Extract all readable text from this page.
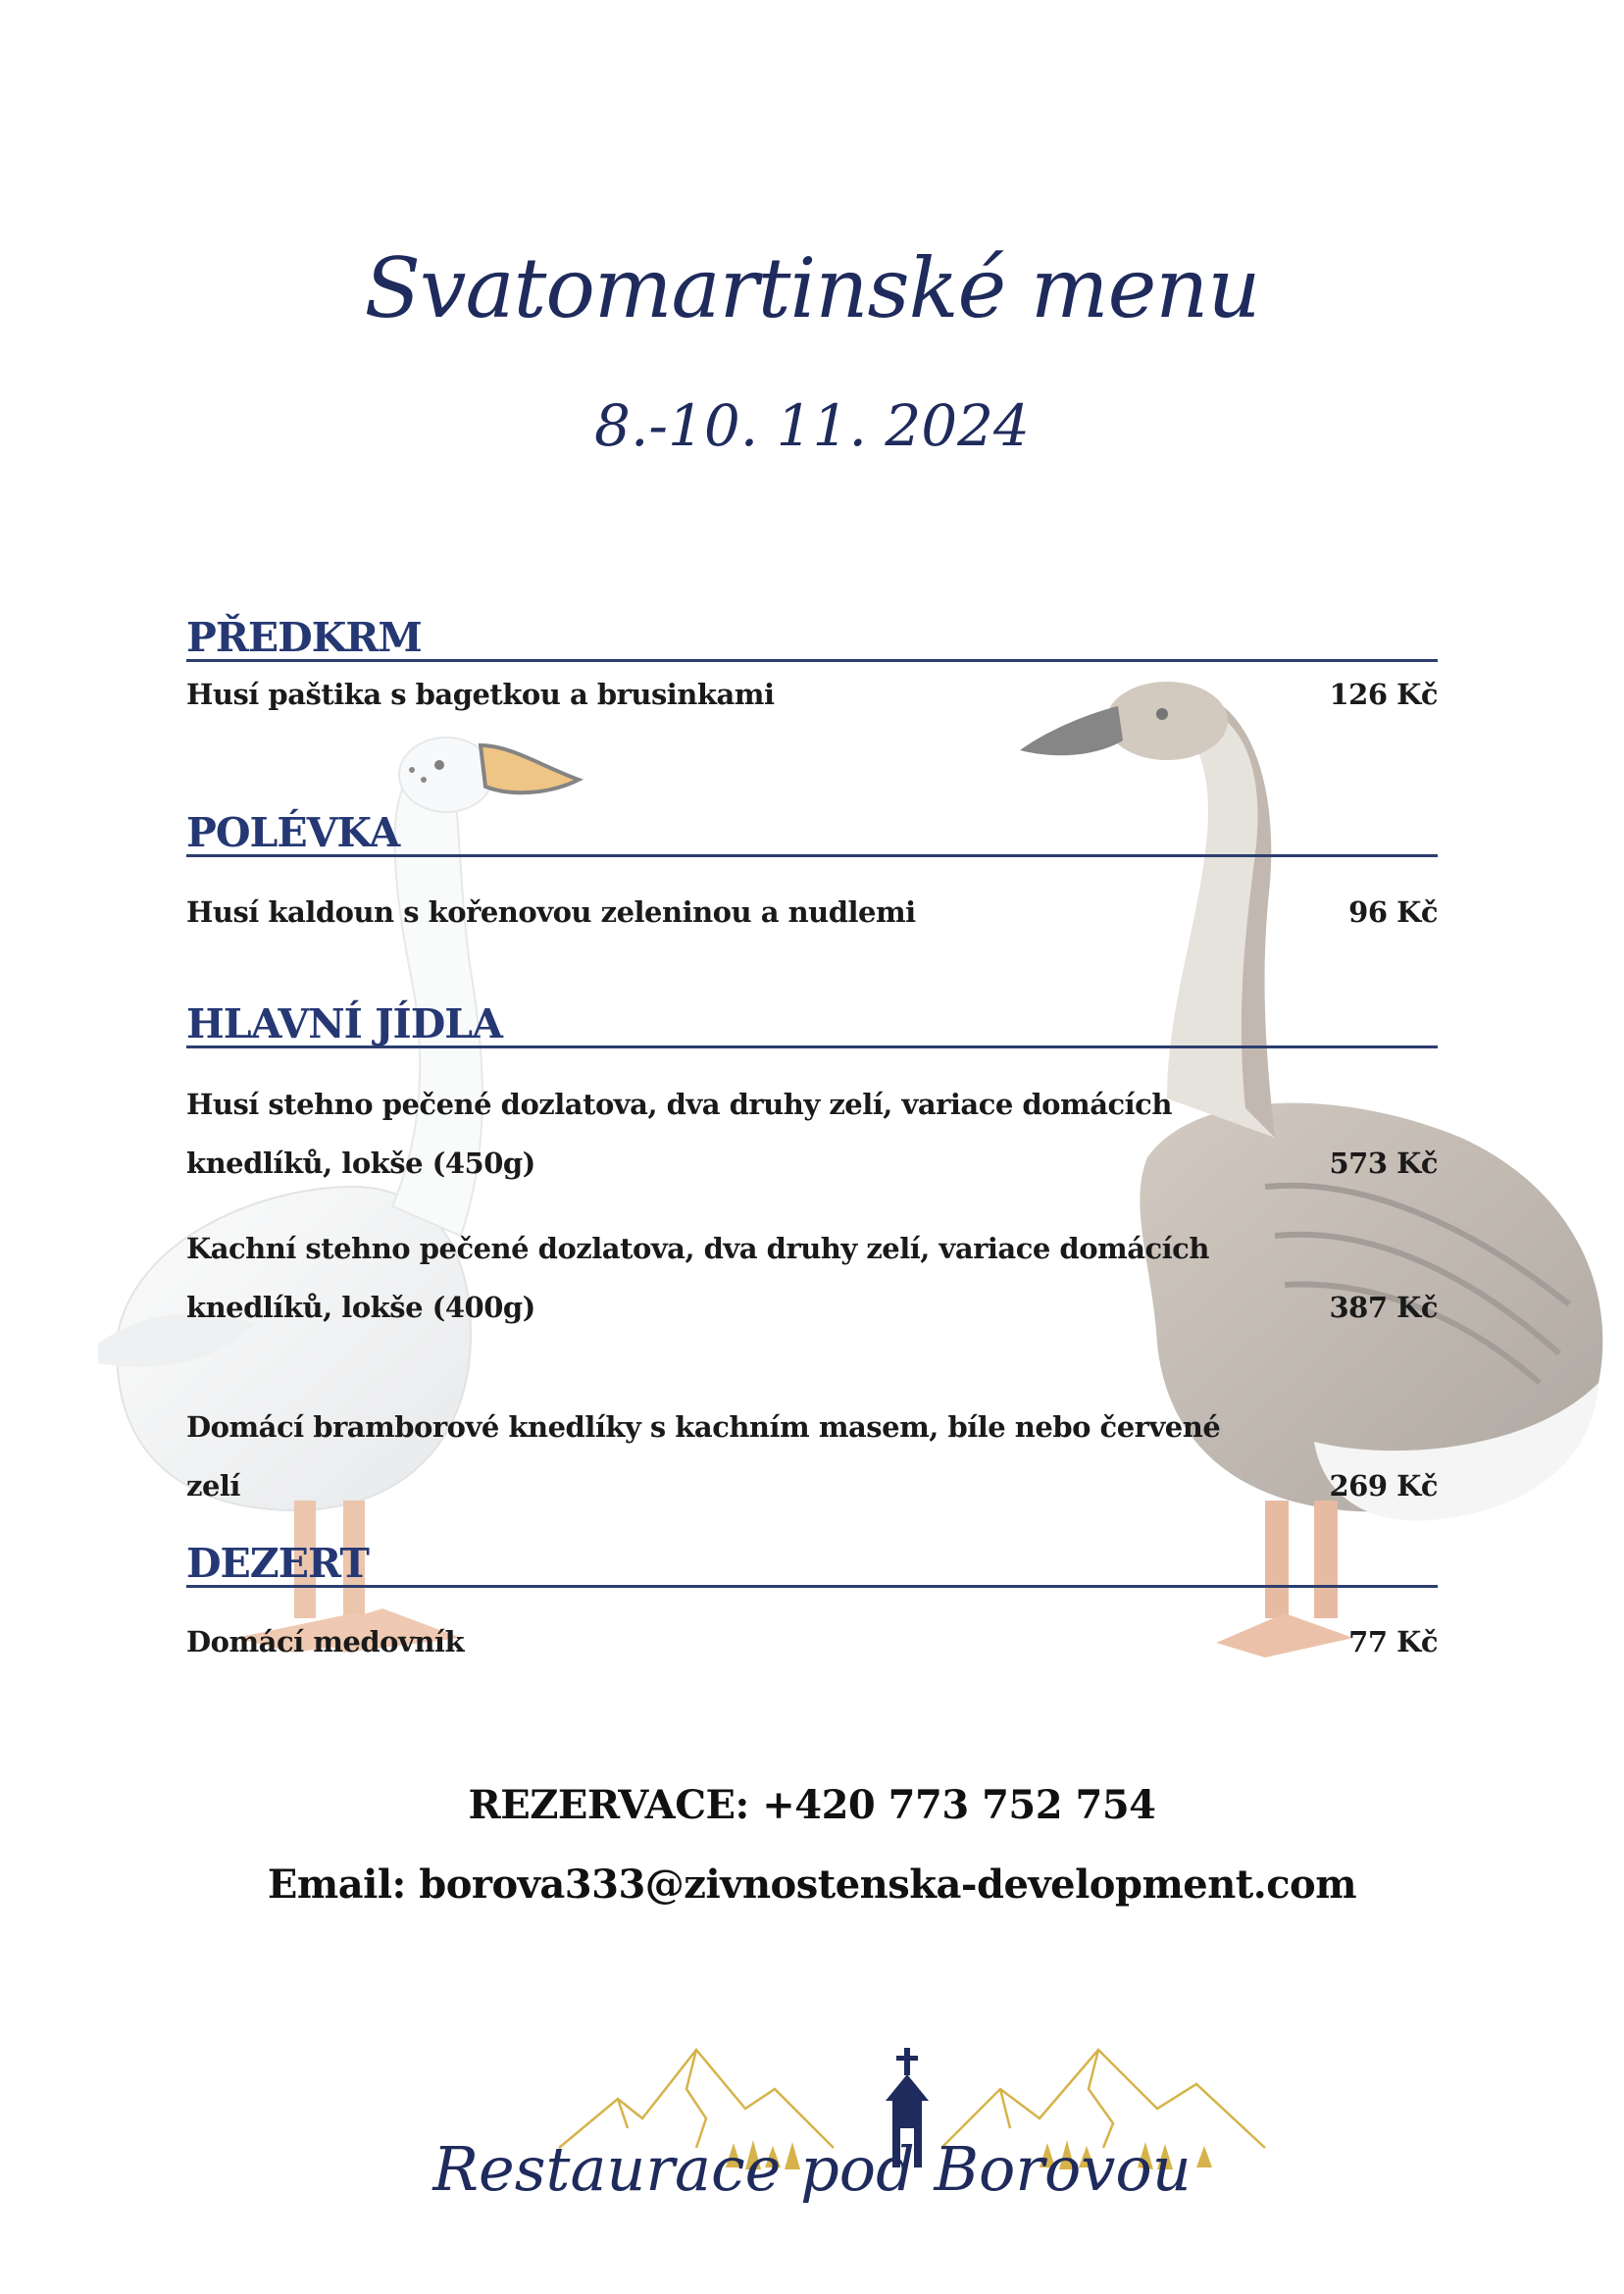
Svatomartinské menu
8.-10. 11. 2024
PŘEDKRM
Husí paštika s bagetkou a brusinkami	126 Kč
POLÉVKA
Husí kaldoun s kořenovou zeleninou a nudlemi	96 Kč
HLAVNÍ JÍDLA
Husí stehno pečené dozlatova, dva druhy zelí, variace domácích knedlíků, lokše (450g)	573 Kč
Kachní stehno pečené dozlatova, dva druhy zelí, variace domácích knedlíků, lokše (400g)	387 Kč
Domácí bramborové knedlíky s kachním masem, bíle nebo červené zelí	269 Kč
DEZERT
Domácí medovník	77 Kč
REZERVACE: +420 773 752 754
Email: borova333@zivnostenska-development.com
Restaurace pod Borovou
